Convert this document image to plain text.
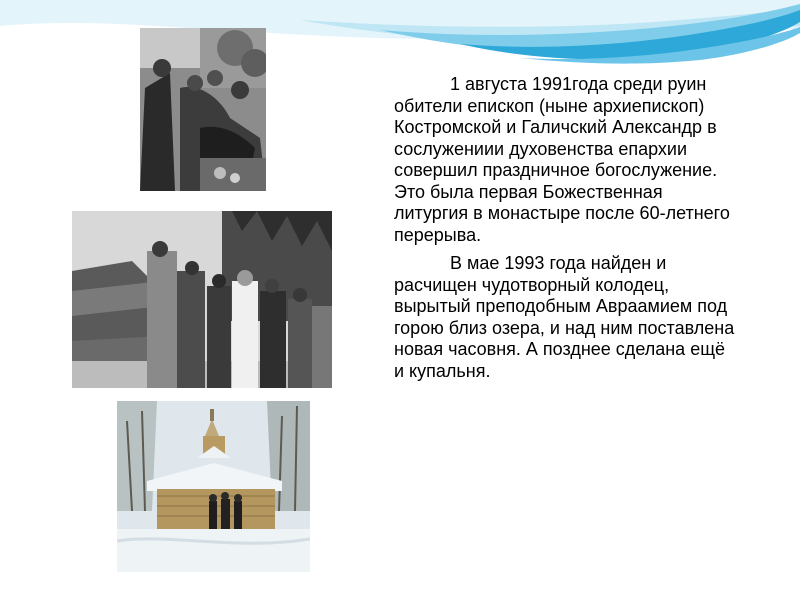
1 августа 1991года среди руин обители епископ (ныне архиепископ) Костромской и Галичский Александр в сослужениии духовенства епархии совершил праздничное богослужение. Это была первая Божественная литургия в монастыре после 60-летнего перерыва.

В мае 1993 года найден и расчищен чудотворный колодец, вырытый преподобным Авраамием под горою близ озера, и над ним поставлена новая часовня. А позднее сделана ещё и купальня.
